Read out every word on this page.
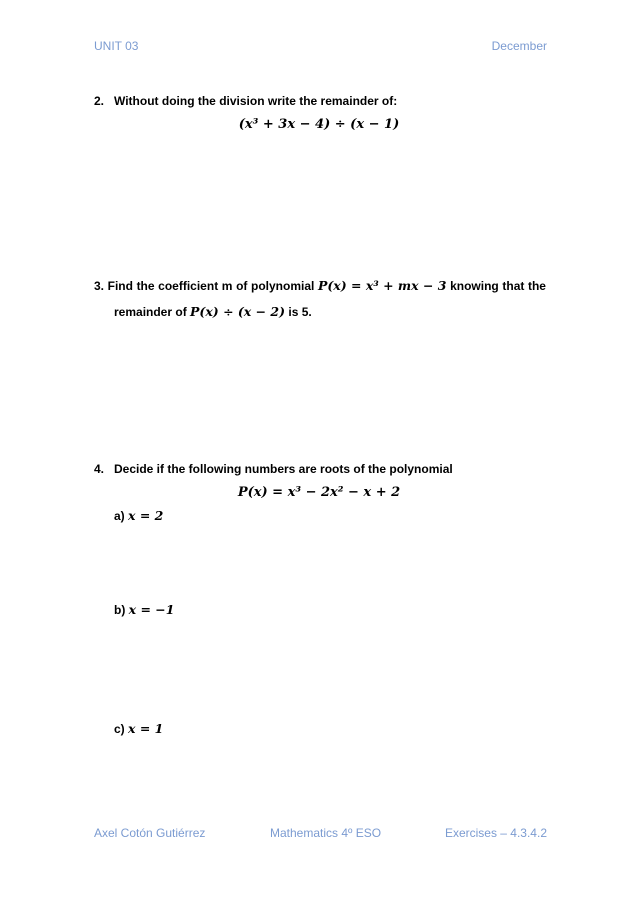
UNIT 03	December
2. Without doing the division write the remainder of:
(x³ + 3x − 4) ÷ (x − 1)
3. Find the coefficient m of polynomial P(x) = x³ + mx − 3 knowing that the
remainder of P(x) ÷ (x − 2) is 5.
4. Decide if the following numbers are roots of the polynomial
P(x) = x³ − 2x² − x + 2
a) x = 2
b) x = −1
c) x = 1
Axel Cotón Gutiérrez	Mathematics 4º ESO	Exercises – 4.3.4.2
